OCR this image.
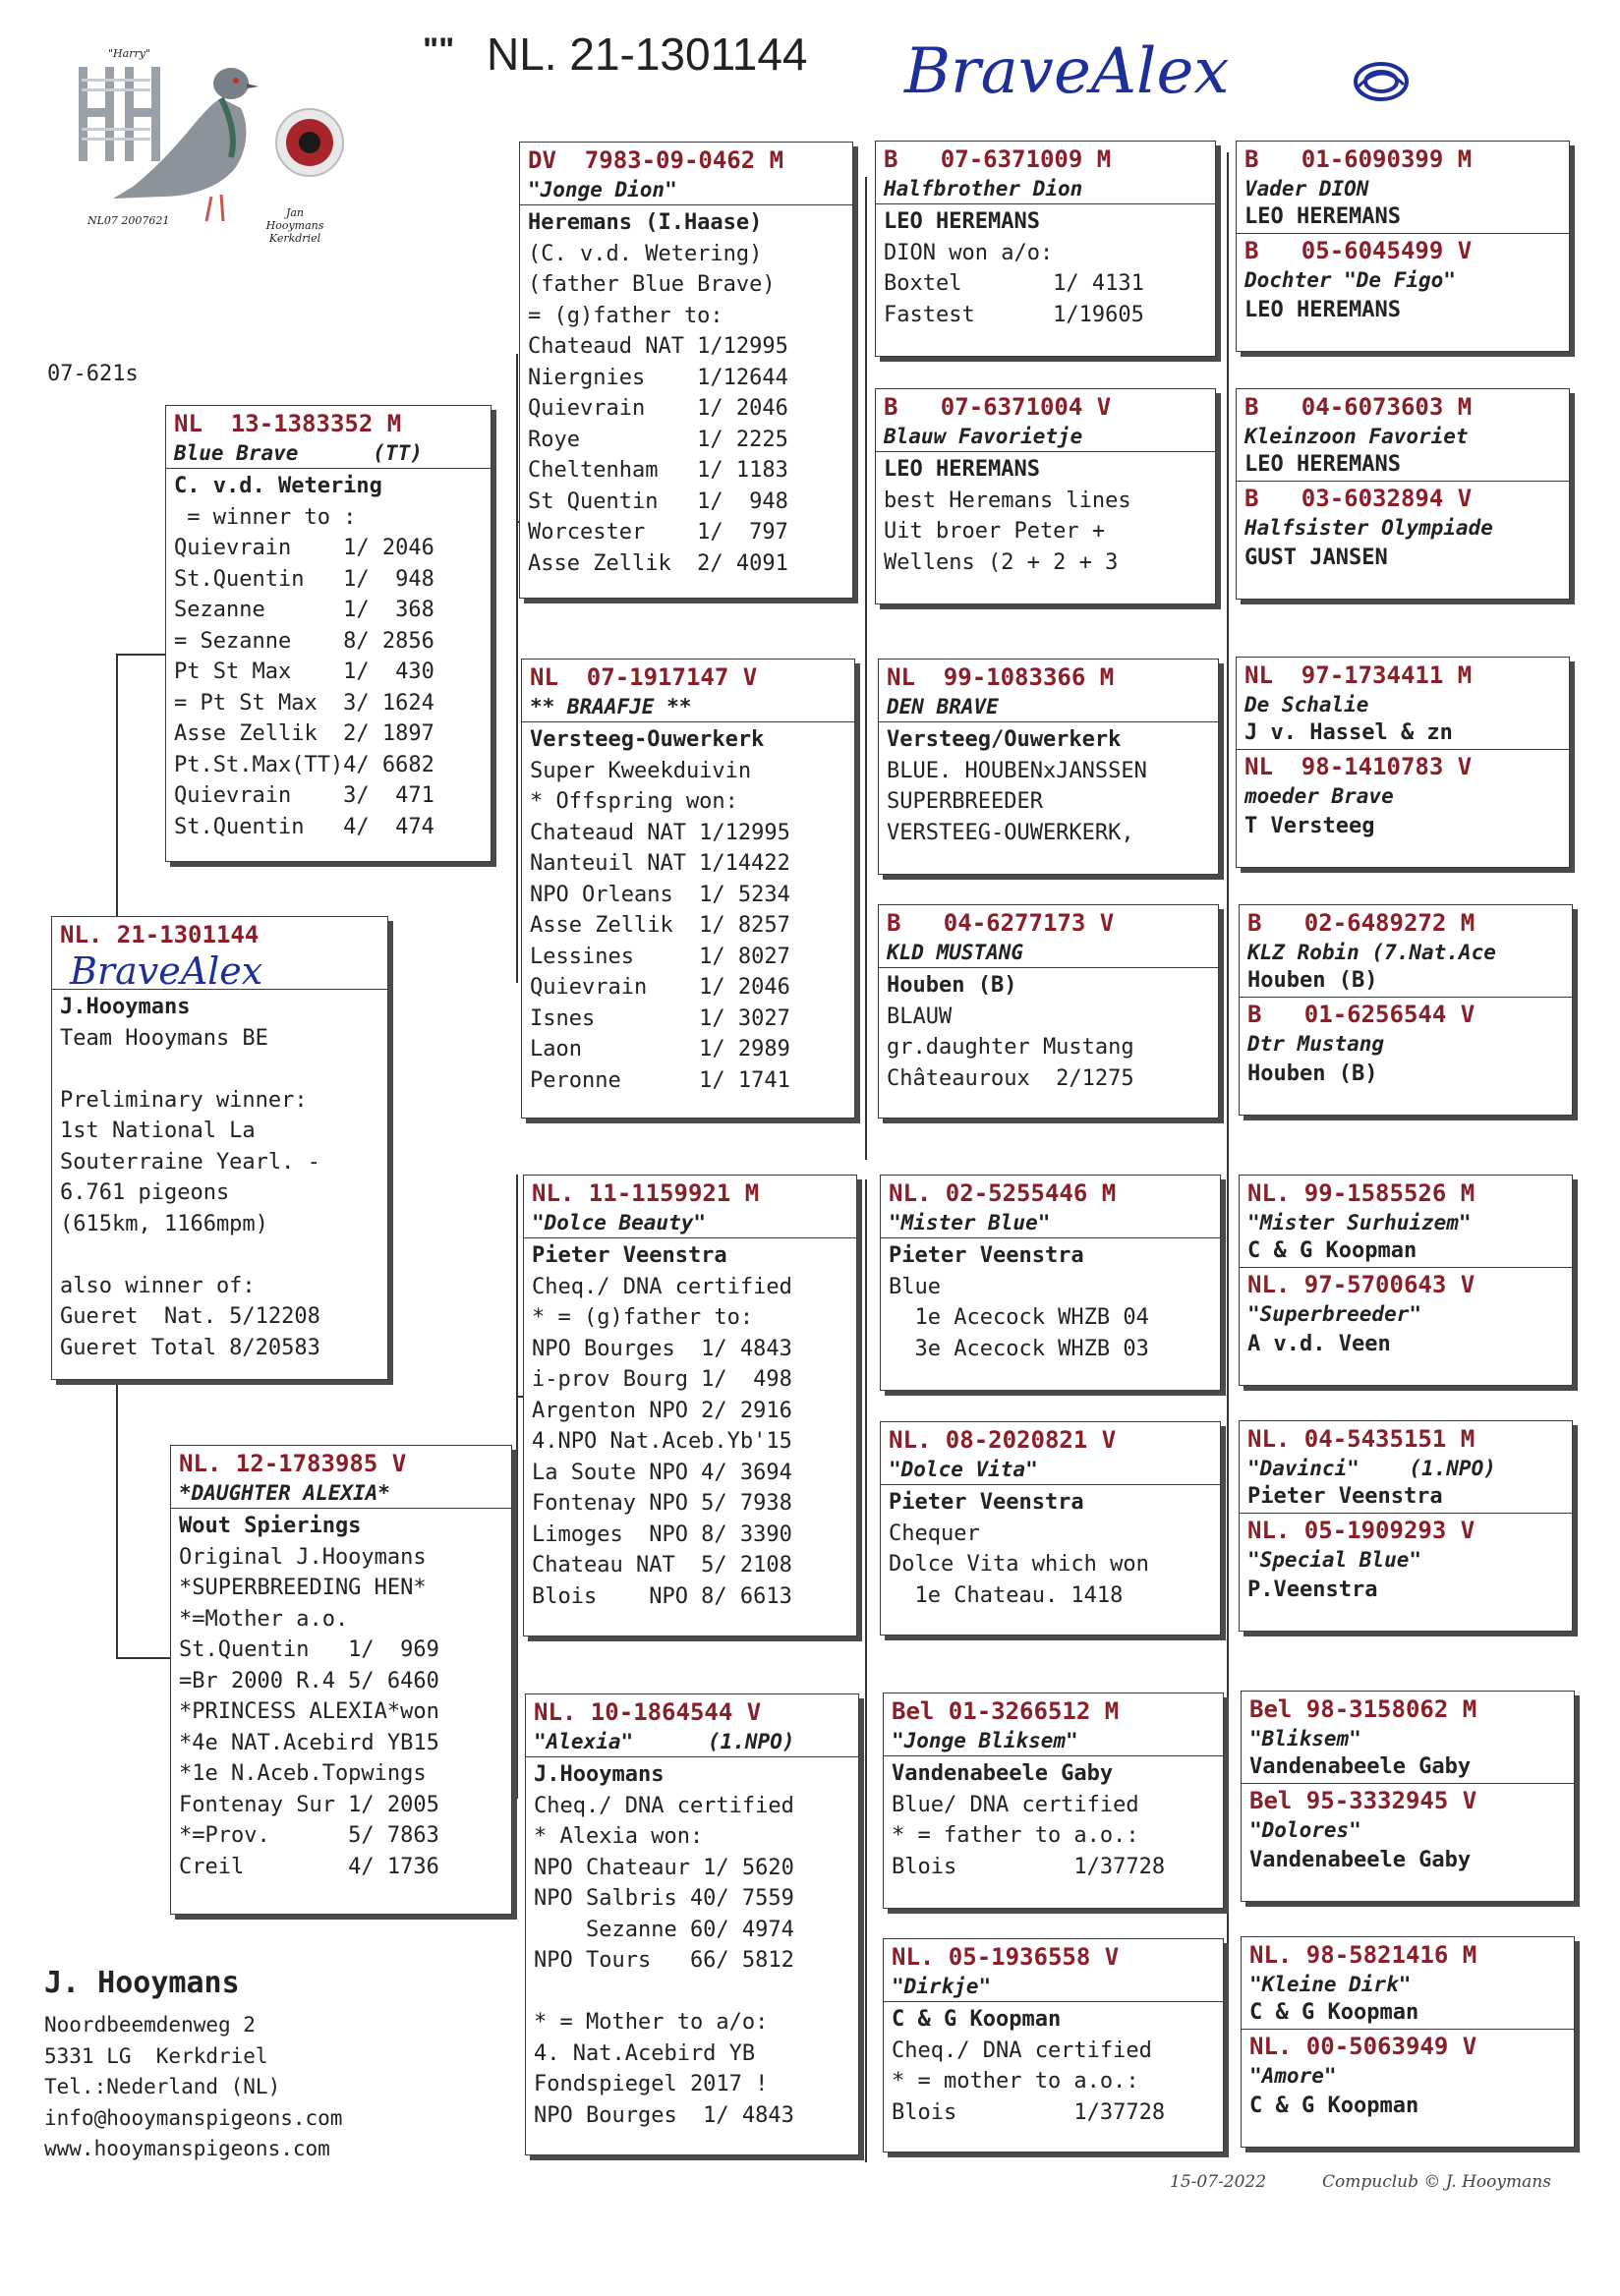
"" NL. 21-1301144 BraveAlex
"Harry"
NL07 2007621
Jan Hooymans Kerkdriel
07-621s
NL. 21-1301144
BraveAlex
J.Hooymans
Team Hooymans BE
Preliminary winner:
1st National La
Souterraine Yearl. -
6.761 pigeons
(615km, 1166mpm)
also winner of:
Gueret  Nat. 5/12208
Gueret Total 8/20583
NL  13-1383352 M
Blue Brave      (TT)
C. v.d. Wetering
= winner to :
Quievrain    1/ 2046
St.Quentin   1/  948
Sezanne      1/  368
= Sezanne    8/ 2856
Pt St Max    1/  430
= Pt St Max  3/ 1624
Asse Zellik  2/ 1897
Pt.St.Max(TT)4/ 6682
Quievrain    3/  471
St.Quentin   4/  474
NL. 12-1783985 V
*DAUGHTER ALEXIA*
Wout Spierings
Original J.Hooymans
*SUPERBREEDING HEN*
*=Mother a.o.
St.Quentin   1/  969
=Br 2000 R.4 5/ 6460
*PRINCESS ALEXIA*won
*4e NAT.Acebird YB15
*1e N.Aceb.Topwings
Fontenay Sur 1/ 2005
*=Prov.      5/ 7863
Creil        4/ 1736
DV  7983-09-0462 M
"Jonge Dion"
Heremans (I.Haase)
(C. v.d. Wetering)
(father Blue Brave)
= (g)father to:
Chateaud NAT 1/12995
Niergnies    1/12644
Quievrain    1/ 2046
Roye         1/ 2225
Cheltenham   1/ 1183
St Quentin   1/  948
Worcester    1/  797
Asse Zellik  2/ 4091
NL  07-1917147 V
** BRAAFJE **
Versteeg-Ouwerkerk
Super Kweekduivin
* Offspring won:
Chateaud NAT 1/12995
Nanteuil NAT 1/14422
NPO Orleans  1/ 5234
Asse Zellik  1/ 8257
Lessines     1/ 8027
Quievrain    1/ 2046
Isnes        1/ 3027
Laon         1/ 2989
Peronne      1/ 1741
NL. 11-1159921 M
"Dolce Beauty"
Pieter Veenstra
Cheq./ DNA certified
* = (g)father to:
NPO Bourges  1/ 4843
i-prov Bourg 1/  498
Argenton NPO 2/ 2916
4.NPO Nat.Aceb.Yb'15
La Soute NPO 4/ 3694
Fontenay NPO 5/ 7938
Limoges  NPO 8/ 3390
Chateau NAT  5/ 2108
Blois    NPO 8/ 6613
NL. 10-1864544 V
"Alexia"      (1.NPO)
J.Hooymans
Cheq./ DNA certified
* Alexia won:
NPO Chateaur 1/ 5620
NPO Salbris 40/ 7559
Sezanne 60/ 4974
NPO Tours   66/ 5812
* = Mother to a/o:
4. Nat.Acebird YB
Fondspiegel 2017 !
NPO Bourges  1/ 4843
B   07-6371009 M
Halfbrother Dion
LEO HEREMANS
DION won a/o:
Boxtel       1/ 4131
Fastest      1/19605
B   07-6371004 V
Blauw Favorietje
LEO HEREMANS
best Heremans lines
Uit broer Peter +
Wellens (2 + 2 + 3
NL  99-1083366 M
DEN BRAVE
Versteeg/Ouwerkerk
BLUE. HOUBENxJANSSEN
SUPERBREEDER
VERSTEEG-OUWERKERK,
B   04-6277173 V
KLD MUSTANG
Houben (B)
BLAUW
gr.daughter Mustang
Châteauroux  2/1275
NL. 02-5255446 M
"Mister Blue"
Pieter Veenstra
Blue
1e Acecock WHZB 04
3e Acecock WHZB 03
NL. 08-2020821 V
"Dolce Vita"
Pieter Veenstra
Chequer
Dolce Vita which won
1e Chateau. 1418
Bel 01-3266512 M
"Jonge Bliksem"
Vandenabeele Gaby
Blue/ DNA certified
* = father to a.o.:
Blois         1/37728
NL. 05-1936558 V
"Dirkje"
C & G Koopman
Cheq./ DNA certified
* = mother to a.o.:
Blois         1/37728
B   01-6090399 M
Vader DION
LEO HEREMANS
B   05-6045499 V
Dochter "De Figo"
LEO HEREMANS
B   04-6073603 M
Kleinzoon Favoriet
LEO HEREMANS
B   03-6032894 V
Halfsister Olympiade
GUST JANSEN
NL  97-1734411 M
De Schalie
J v. Hassel & zn
NL  98-1410783 V
moeder Brave
T Versteeg
B   02-6489272 M
KLZ Robin (7.Nat.Ace
Houben (B)
B   01-6256544 V
Dtr Mustang
Houben (B)
NL. 99-1585526 M
"Mister Surhuizem"
C & G Koopman
NL. 97-5700643 V
"Superbreeder"
A v.d. Veen
NL. 04-5435151 M
"Davinci"    (1.NPO)
Pieter Veenstra
NL. 05-1909293 V
"Special Blue"
P.Veenstra
Bel 98-3158062 M
"Bliksem"
Vandenabeele Gaby
Bel 95-3332945 V
"Dolores"
Vandenabeele Gaby
NL. 98-5821416 M
"Kleine Dirk"
C & G Koopman
NL. 00-5063949 V
"Amore"
C & G Koopman
J. Hooymans
Noordbeemdenweg 2
5331 LG  Kerkdriel
Tel.:Nederland (NL)
info@hooymanspigeons.com
www.hooymanspigeons.com
15-07-2022	Compuclub © J. Hooymans
